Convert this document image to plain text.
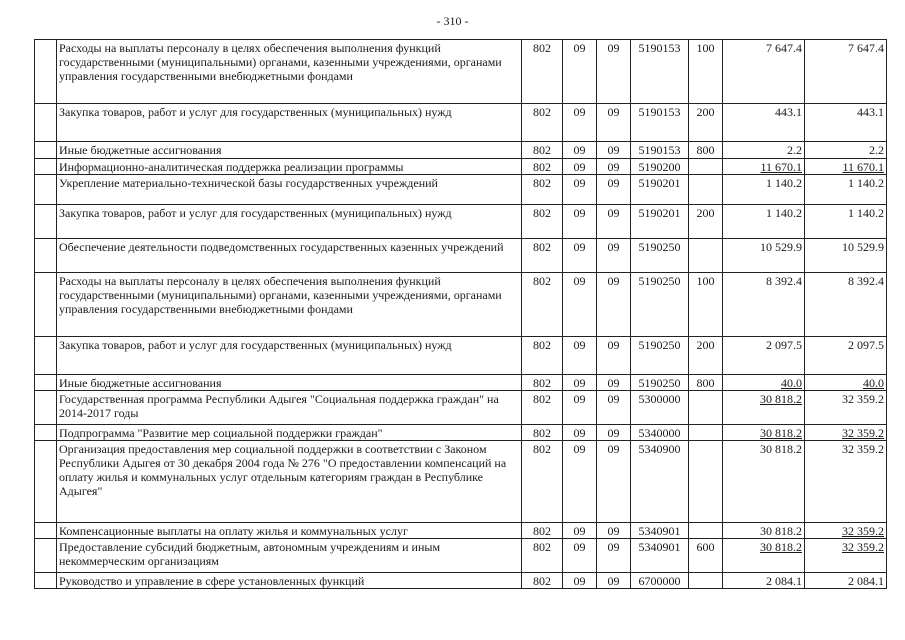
- 310 -
	Расходы на выплаты персоналу в целях обеспечения выполнения функций государственными (муниципальными) органами, казенными учреждениями, органами управления государственными внебюджетными фондами	802	09	09	5190153	100	7 647.4	7 647.4
	Закупка товаров, работ и услуг для государственных (муниципальных) нужд	802	09	09	5190153	200	443.1	443.1
	Иные бюджетные ассигнования	802	09	09	5190153	800	2.2	2.2
	Информационно-аналитическая поддержка реализации программы	802	09	09	5190200		11 670.1	11 670.1
	Укрепление материально-технической базы государственных учреждений	802	09	09	5190201		1 140.2	1 140.2
	Закупка товаров, работ и услуг для государственных (муниципальных) нужд	802	09	09	5190201	200	1 140.2	1 140.2
	Обеспечение деятельности подведомственных государственных казенных учреждений	802	09	09	5190250		10 529.9	10 529.9
	Расходы на выплаты персоналу в целях обеспечения выполнения функций государственными (муниципальными) органами, казенными учреждениями, органами управления государственными внебюджетными фондами	802	09	09	5190250	100	8 392.4	8 392.4
	Закупка товаров, работ и услуг для государственных (муниципальных) нужд	802	09	09	5190250	200	2 097.5	2 097.5
	Иные бюджетные ассигнования	802	09	09	5190250	800	40.0	40.0
	Государственная программа Республики Адыгея "Социальная поддержка граждан" на 2014-2017 годы	802	09	09	5300000		30 818.2	32 359.2
	Подпрограмма "Развитие мер социальной поддержки граждан"	802	09	09	5340000		30 818.2	32 359.2
	Организация предоставления мер социальной поддержки в соответствии с Законом Республики Адыгея от 30 декабря 2004 года № 276 "О предоставлении компенсаций на оплату жилья и коммунальных услуг отдельным категориям граждан в Республике Адыгея"	802	09	09	5340900		30 818.2	32 359.2
	Компенсационные выплаты на оплату жилья и коммунальных услуг	802	09	09	5340901		30 818.2	32 359.2
	Предоставление субсидий бюджетным, автономным учреждениям и иным некоммерческим организациям	802	09	09	5340901	600	30 818.2	32 359.2
	Руководство и управление в сфере установленных функций	802	09	09	6700000		2 084.1	2 084.1
